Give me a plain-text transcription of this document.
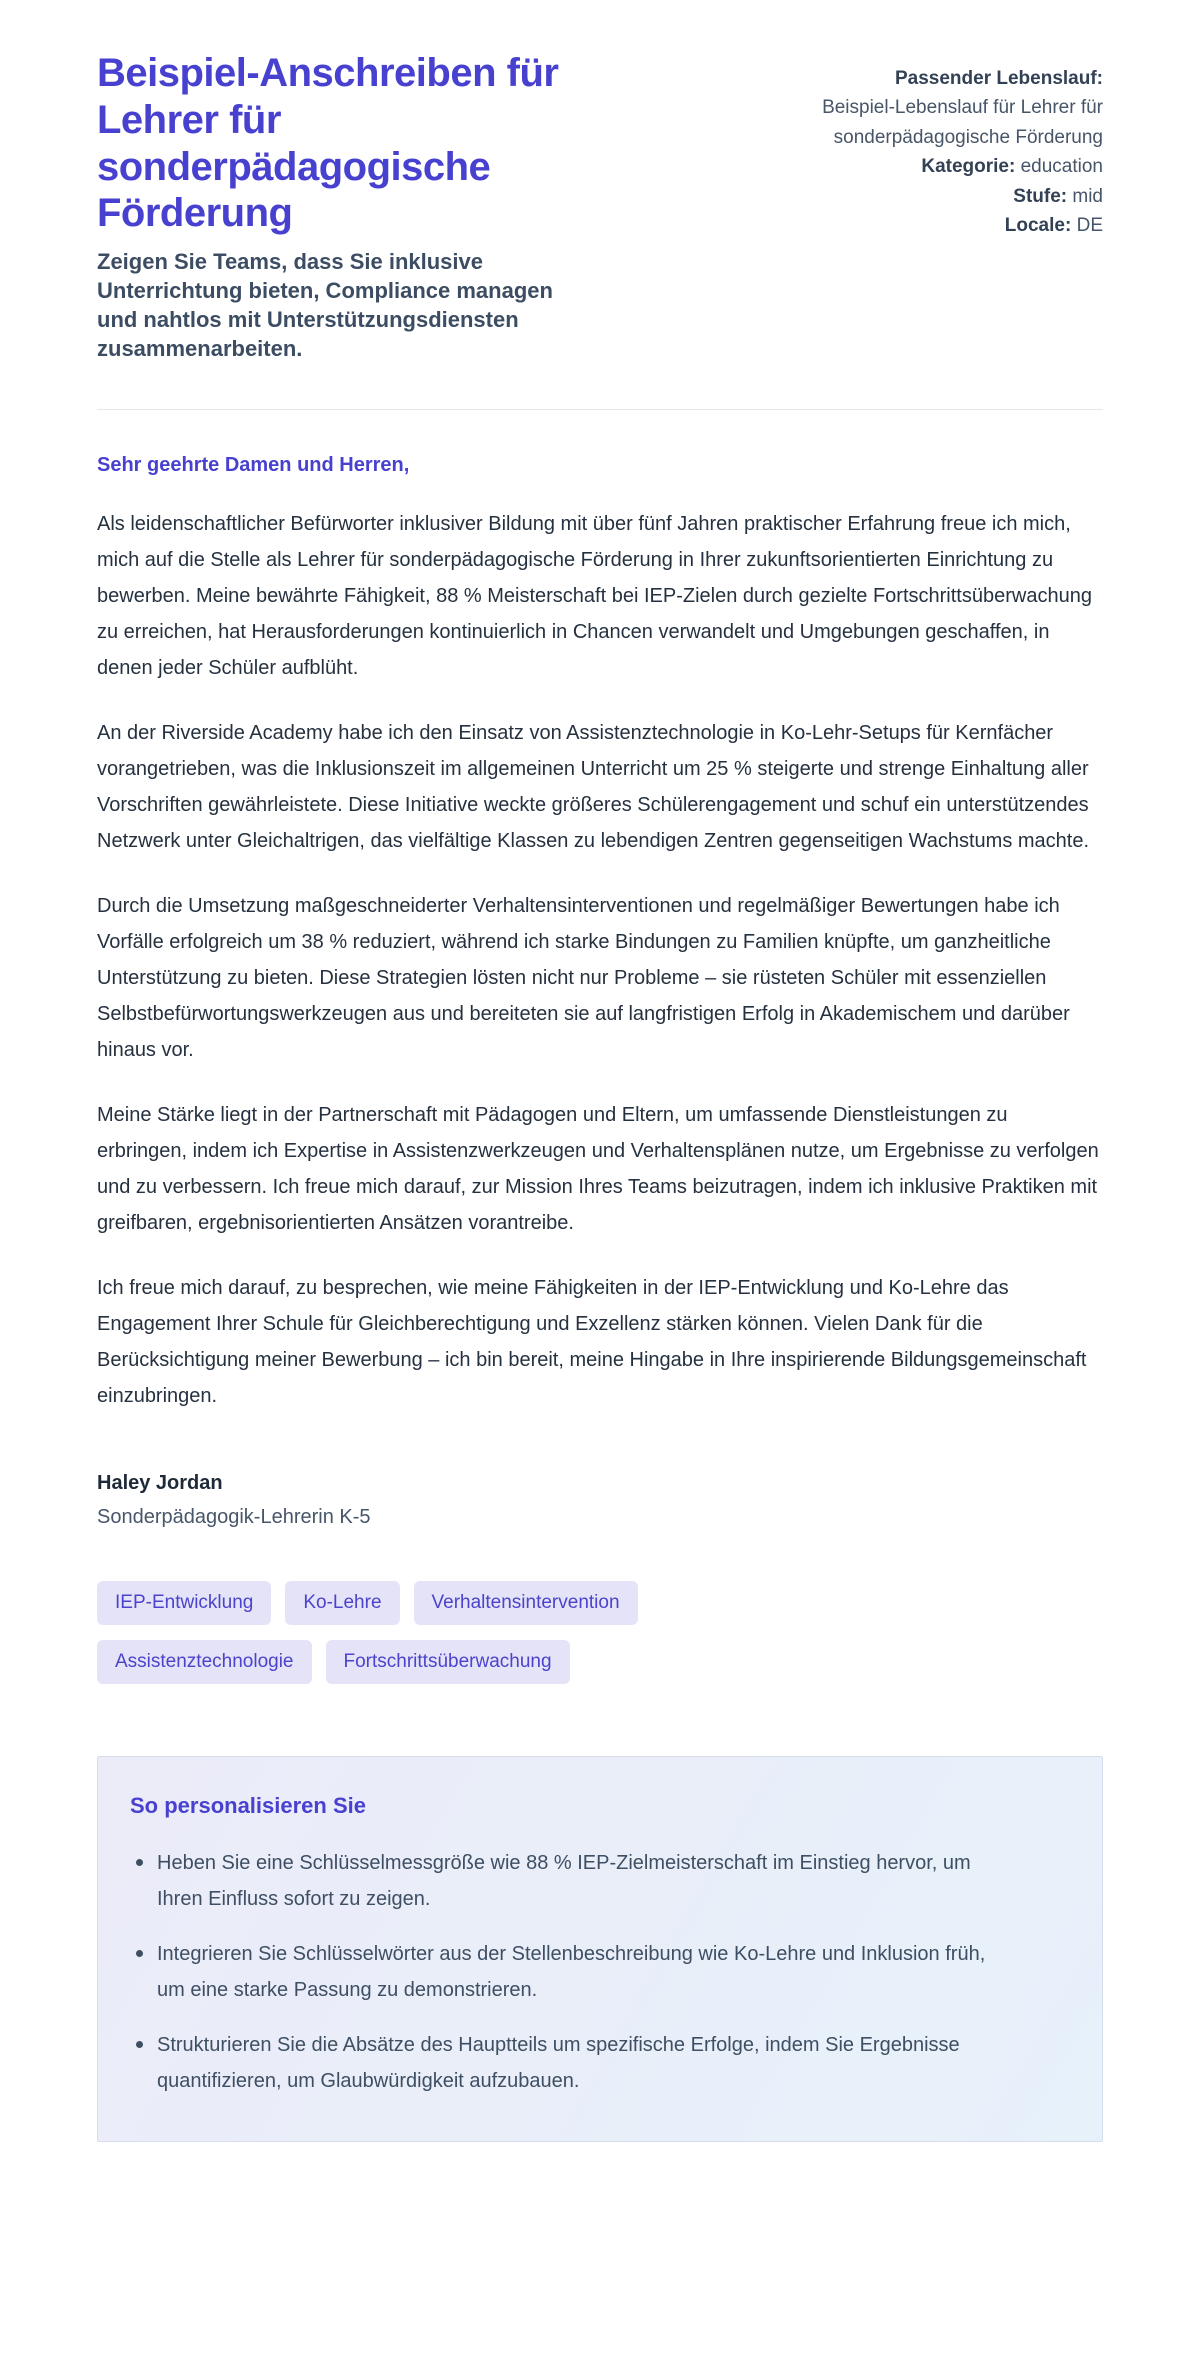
Beispiel-Anschreiben für Lehrer für sonderpädagogische Förderung
Zeigen Sie Teams, dass Sie inklusive Unterrichtung bieten, Compliance managen und nahtlos mit Unterstützungsdiensten zusammenarbeiten.
Passender Lebenslauf:
Beispiel-Lebenslauf für Lehrer für sonderpädagogische Förderung
Kategorie: education
Stufe: mid
Locale: DE
Sehr geehrte Damen und Herren,

Als leidenschaftlicher Befürworter inklusiver Bildung mit über fünf Jahren praktischer Erfahrung freue ich mich, mich auf die Stelle als Lehrer für sonderpädagogische Förderung in Ihrer zukunftsorientierten Einrichtung zu bewerben. Meine bewährte Fähigkeit, 88 % Meisterschaft bei IEP-Zielen durch gezielte Fortschrittsüberwachung zu erreichen, hat Herausforderungen kontinuierlich in Chancen verwandelt und Umgebungen geschaffen, in denen jeder Schüler aufblüht.

An der Riverside Academy habe ich den Einsatz von Assistenztechnologie in Ko-Lehr-Setups für Kernfächer vorangetrieben, was die Inklusionszeit im allgemeinen Unterricht um 25 % steigerte und strenge Einhaltung aller Vorschriften gewährleistete. Diese Initiative weckte größeres Schülerengagement und schuf ein unterstützendes Netzwerk unter Gleichaltrigen, das vielfältige Klassen zu lebendigen Zentren gegenseitigen Wachstums machte.

Durch die Umsetzung maßgeschneiderter Verhaltensinterventionen und regelmäßiger Bewertungen habe ich Vorfälle erfolgreich um 38 % reduziert, während ich starke Bindungen zu Familien knüpfte, um ganzheitliche Unterstützung zu bieten. Diese Strategien lösten nicht nur Probleme – sie rüsteten Schüler mit essenziellen Selbstbefürwortungswerkzeugen aus und bereiteten sie auf langfristigen Erfolg in Akademischem und darüber hinaus vor.

Meine Stärke liegt in der Partnerschaft mit Pädagogen und Eltern, um umfassende Dienstleistungen zu erbringen, indem ich Expertise in Assistenzwerkzeugen und Verhaltensplänen nutze, um Ergebnisse zu verfolgen und zu verbessern. Ich freue mich darauf, zur Mission Ihres Teams beizutragen, indem ich inklusive Praktiken mit greifbaren, ergebnisorientierten Ansätzen vorantreibe.

Ich freue mich darauf, zu besprechen, wie meine Fähigkeiten in der IEP-Entwicklung und Ko-Lehre das Engagement Ihrer Schule für Gleichberechtigung und Exzellenz stärken können. Vielen Dank für die Berücksichtigung meiner Bewerbung – ich bin bereit, meine Hingabe in Ihre inspirierende Bildungsgemeinschaft einzubringen.

Haley Jordan
Sonderpädagogik-Lehrerin K-5
IEP-Entwicklung	Ko-Lehre	Verhaltensintervention
Assistenztechnologie	Fortschrittsüberwachung
So personalisieren Sie
Heben Sie eine Schlüsselmessgröße wie 88 % IEP-Zielmeisterschaft im Einstieg hervor, um Ihren Einfluss sofort zu zeigen.
Integrieren Sie Schlüsselwörter aus der Stellenbeschreibung wie Ko-Lehre und Inklusion früh, um eine starke Passung zu demonstrieren.
Strukturieren Sie die Absätze des Hauptteils um spezifische Erfolge, indem Sie Ergebnisse quantifizieren, um Glaubwürdigkeit aufzubauen.
